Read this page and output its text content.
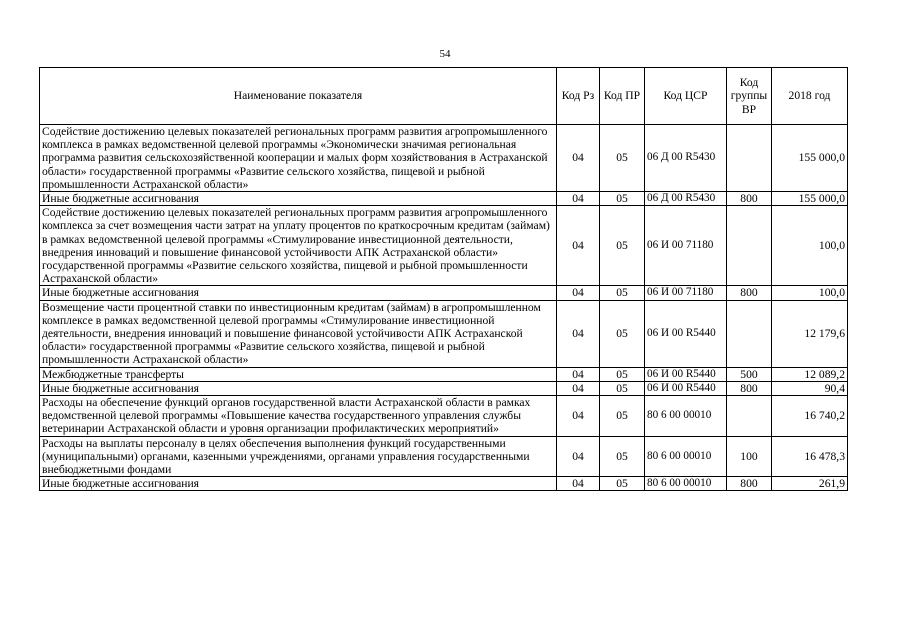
54
Наименование показателя	Код Рз	Код ПР	Код ЦСР	Код группы ВР	2018 год
Содействие достижению целевых показателей региональных программ развития агропромышленного комплекса в рамках ведомственной целевой программы «Экономически значимая региональная программа развития сельскохозяйственной кооперации и малых форм хозяйствования в Астраханской области» государственной программы «Развитие сельского хозяйства, пищевой и рыбной промышленности Астраханской области»	04	05	06 Д 00 R5430		155 000,0
Иные бюджетные ассигнования	04	05	06 Д 00 R5430	800	155 000,0
Содействие достижению целевых показателей региональных программ развития агропромышленного комплекса за счет возмещения части затрат на уплату процентов по краткосрочным кредитам (займам) в рамках ведомственной целевой программы «Стимулирование инвестиционной деятельности, внедрения инноваций и повышение финансовой устойчивости АПК Астраханской области» государственной программы «Развитие сельского хозяйства, пищевой и рыбной промышленности Астраханской области»	04	05	06 И 00 71180		100,0
Иные бюджетные ассигнования	04	05	06 И 00 71180	800	100,0
Возмещение части процентной ставки по инвестиционным кредитам (займам) в агропромышленном комплексе в рамках ведомственной целевой программы «Стимулирование инвестиционной деятельности, внедрения инноваций и повышение финансовой устойчивости АПК Астраханской области» государственной программы «Развитие сельского хозяйства, пищевой и рыбной промышленности Астраханской области»	04	05	06 И 00 R5440		12 179,6
Межбюджетные трансферты	04	05	06 И 00 R5440	500	12 089,2
Иные бюджетные ассигнования	04	05	06 И 00 R5440	800	90,4
Расходы на обеспечение функций органов государственной власти Астраханской области в рамках ведомственной целевой программы «Повышение качества государственного управления службы ветеринарии Астраханской области и уровня организации профилактических мероприятий»	04	05	80 6 00 00010		16 740,2
Расходы на выплаты персоналу в целях обеспечения выполнения функций государственными (муниципальными) органами, казенными учреждениями, органами управления государственными внебюджетными фондами	04	05	80 6 00 00010	100	16 478,3
Иные бюджетные ассигнования	04	05	80 6 00 00010	800	261,9
